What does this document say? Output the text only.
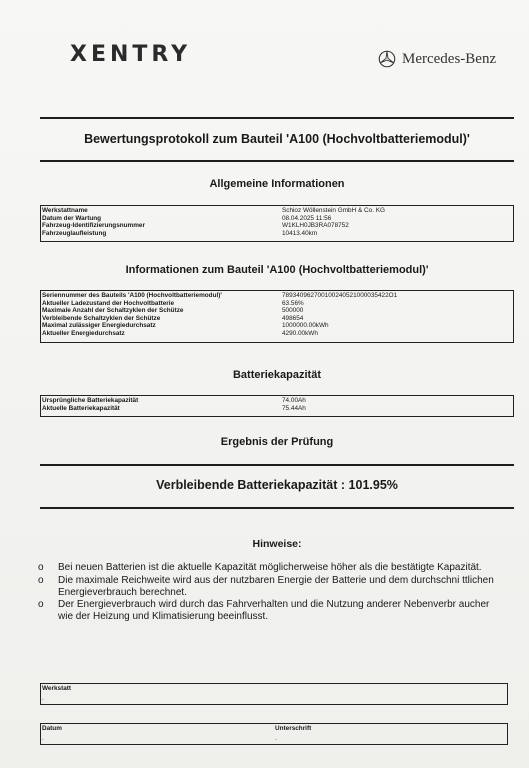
XENTRY	Mercedes-Benz
Bewertungsprotokoll zum Bauteil 'A100 (Hochvoltbatteriemodul)'
Allgemeine Informationen
Werkstattname	Schioz Wöllenstein GmbH & Co. KG
Datum der Wartung	08.04.2025 11:56
Fahrzeug-Identifizierungsnummer	W1KLH0JB3RA078752
Fahrzeuglaufleistung	10413.40km
Informationen zum Bauteil 'A100 (Hochvoltbatteriemodul)'
Seriennummer des Bauteils 'A100 (Hochvoltbatteriemodul)'	789340962700100240521000035422O1
Aktueller Ladezustand der Hochvoltbatterie	63.56%
Maximale Anzahl der Schaltzyklen der Schütze	500000
Verbleibende Schaltzyklen der Schütze	498654
Maximal zulässiger Energiedurchsatz	1000000.00kWh
Aktueller Energiedurchsatz	4290.00kWh
Batteriekapazität
Ursprüngliche Batteriekapazität	74.00Ah
Aktuelle Batteriekapazität	75.44Ah
Ergebnis der Prüfung
Verbleibende Batteriekapazität : 101.95%
Hinweise:
o Bei neuen Batterien ist die aktuelle Kapazität möglicherweise höher als die bestätigte Kapazität.
o Die maximale Reichweite wird aus der nutzbaren Energie der Batterie und dem durchschni ttlichen Energieverbrauch berechnet.
o Der Energieverbrauch wird durch das Fahrverhalten und die Nutzung anderer Nebenverbr aucher wie der Heizung und Klimatisierung beeinflusst.
Werkstatt
.
Datum
.
Unterschrift
.
